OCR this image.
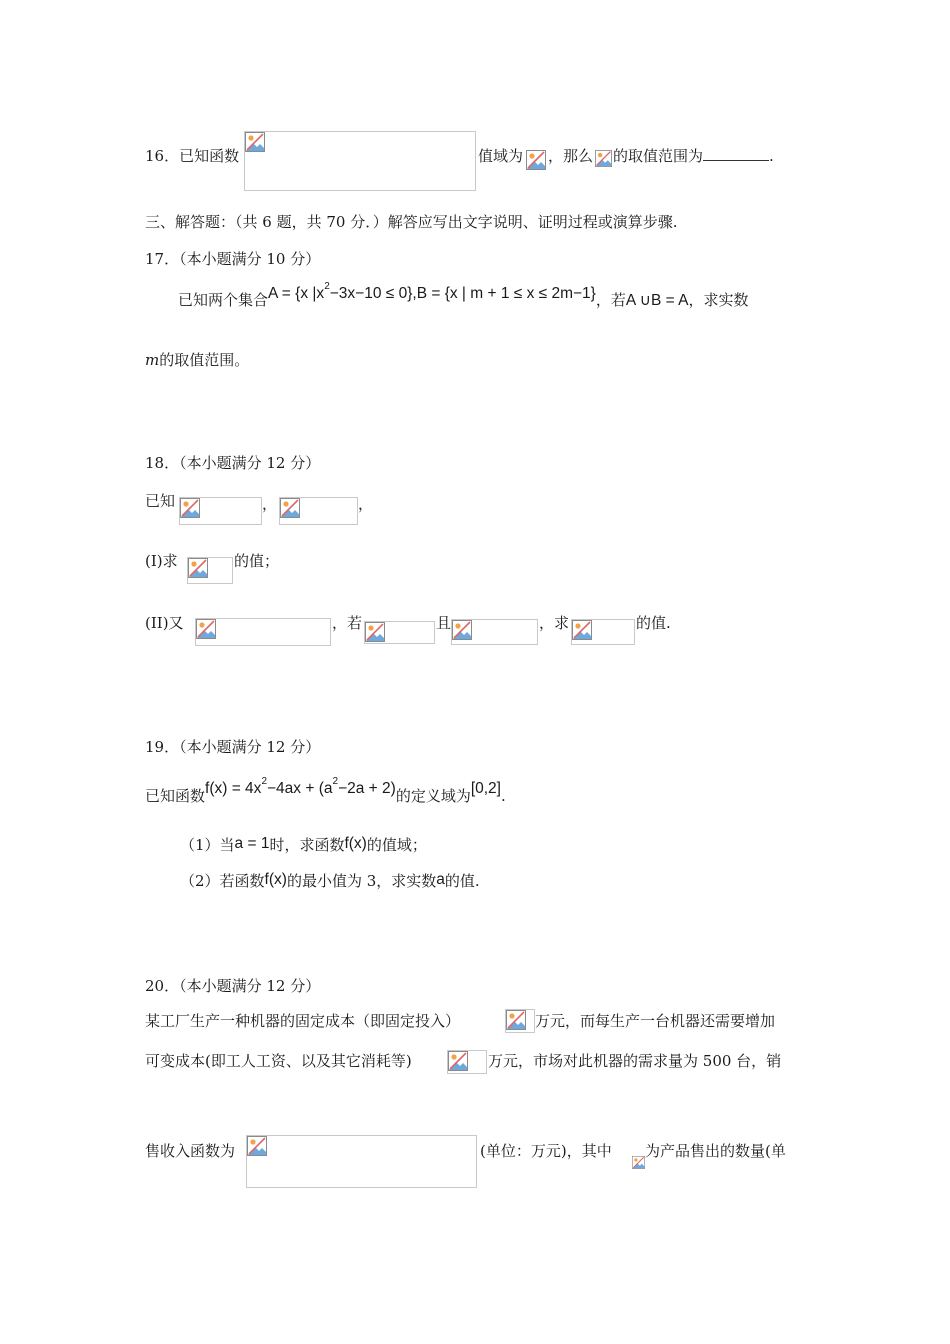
16．已知函数	值域为 ，那么 的取值范围为	.
三、解答题：（共 6 题，共 70 分．）解答应写出文字说明、证明过程或演算步骤.
17．（本小题满分 10 分）
已知两个集合A = {x $|x^2-3x-10 \le 0\},B = \{x$ | m + 1 ≤ x ≤ 2m−1}，若A ∪B = A，求实数
m的取值范围。
18．（本小题满分 12 分）
已知	，	，
(I)求	的值；
(II)又	，若	且	，求	的值.
19．（本小题满分 12 分）
已知函数$f(x) = 4x^2-4ax + (a^2-2a + 2)$的定义域为[0,2].
（1）当a = 1时，求函数f(x)的值域；
（2）若函数f(x)的最小值为 3，求实数a的值.
20．（本小题满分 12 分）
某工厂生产一种机器的固定成本（即固定投入）	万元，而每生产一台机器还需要增加
可变成本(即工人工资、以及其它消耗等)	万元，市场对此机器的需求量为 500 台，销
售收入函数为	(单位：万元)，其中 为产品售出的数量(单
